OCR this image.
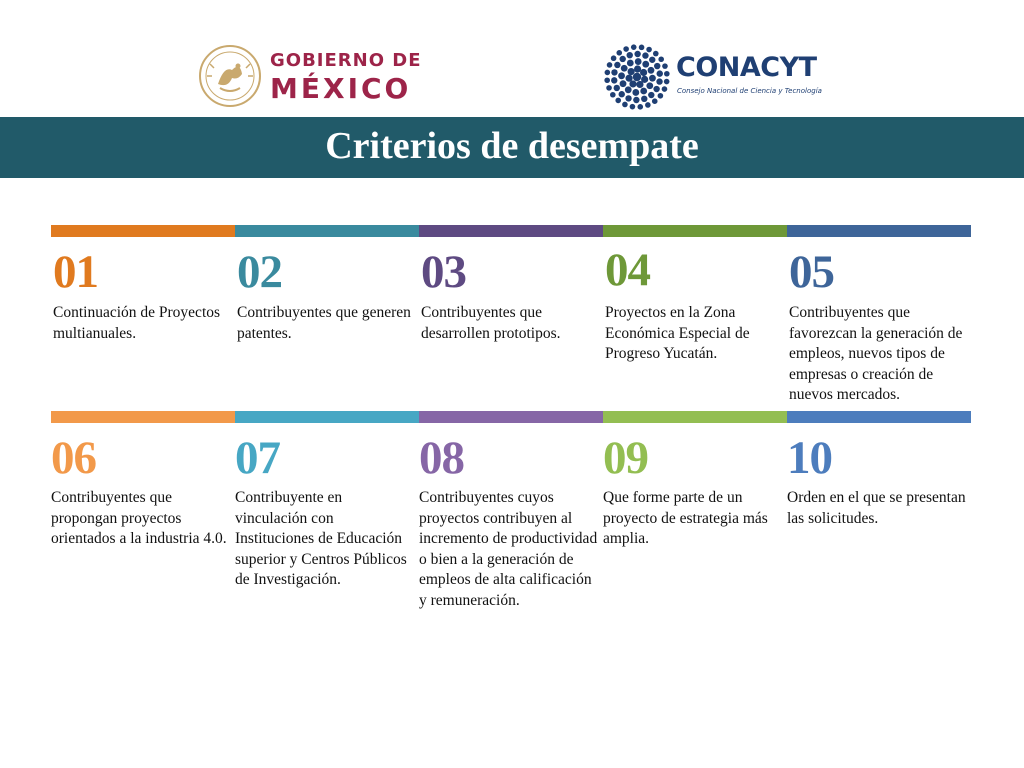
GOBIERNO DE
MÉXICO
CONACYT
Consejo Nacional de Ciencia y Tecnología
Criterios de desempate
01
Continuación de Proyectos multianuales.
02
Contribuyentes que generen patentes.
03
Contribuyentes que desarrollen prototipos.
04
Proyectos en la Zona Económica Especial de Progreso Yucatán.
05
Contribuyentes que favorezcan la generación de empleos, nuevos tipos de empresas o creación de nuevos mercados.
06
Contribuyentes que propongan proyectos orientados a la industria 4.0.
07
Contribuyente en vinculación con Instituciones de Educación superior y Centros Públicos de Investigación.
08
Contribuyentes cuyos proyectos contribuyen al incremento de productividad o bien a la generación de empleos de alta calificación y remuneración.
09
Que forme parte de un proyecto de estrategia más amplia.
10
Orden en el que se presentan las solicitudes.
